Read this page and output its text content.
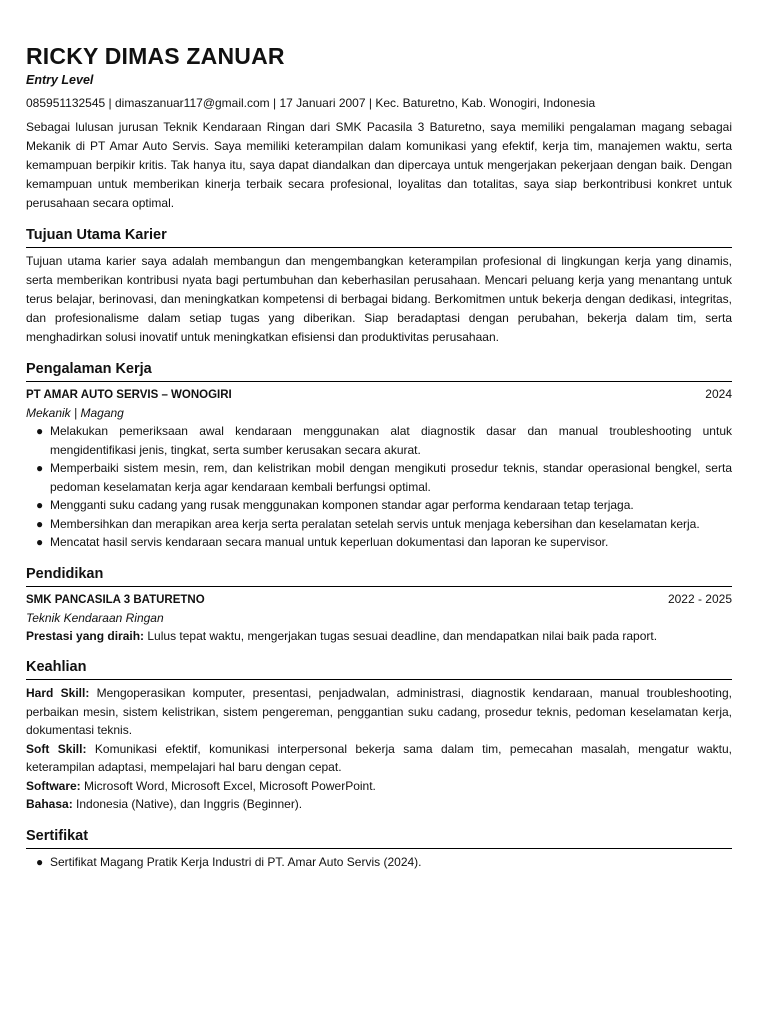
RICKY DIMAS ZANUAR
Entry Level
085951132545 | dimaszanuar117@gmail.com | 17 Januari 2007 | Kec. Baturetno, Kab. Wonogiri, Indonesia
Sebagai lulusan jurusan Teknik Kendaraan Ringan dari SMK Pacasila 3 Baturetno, saya memiliki pengalaman magang sebagai Mekanik di PT Amar Auto Servis. Saya memiliki keterampilan dalam komunikasi yang efektif, kerja tim, manajemen waktu, serta kemampuan berpikir kritis. Tak hanya itu, saya dapat diandalkan dan dipercaya untuk mengerjakan pekerjaan dengan baik. Dengan kemampuan untuk memberikan kinerja terbaik secara profesional, loyalitas dan totalitas, saya siap berkontribusi konkret untuk perusahaan secara optimal.
Tujuan Utama Karier
Tujuan utama karier saya adalah membangun dan mengembangkan keterampilan profesional di lingkungan kerja yang dinamis, serta memberikan kontribusi nyata bagi pertumbuhan dan keberhasilan perusahaan. Mencari peluang kerja yang menantang untuk terus belajar, berinovasi, dan meningkatkan kompetensi di berbagai bidang. Berkomitmen untuk bekerja dengan dedikasi, integritas, dan profesionalisme dalam setiap tugas yang diberikan. Siap beradaptasi dengan perubahan, bekerja dalam tim, serta menghadirkan solusi inovatif untuk meningkatkan efisiensi dan produktivitas perusahaan.
Pengalaman Kerja
PT AMAR AUTO SERVIS – WONOGIRI	2024
Mekanik | Magang
● Melakukan pemeriksaan awal kendaraan menggunakan alat diagnostik dasar dan manual troubleshooting untuk mengidentifikasi jenis, tingkat, serta sumber kerusakan secara akurat.
● Memperbaiki sistem mesin, rem, dan kelistrikan mobil dengan mengikuti prosedur teknis, standar operasional bengkel, serta pedoman keselamatan kerja agar kendaraan kembali berfungsi optimal.
● Mengganti suku cadang yang rusak menggunakan komponen standar agar performa kendaraan tetap terjaga.
● Membersihkan dan merapikan area kerja serta peralatan setelah servis untuk menjaga kebersihan dan keselamatan kerja.
● Mencatat hasil servis kendaraan secara manual untuk keperluan dokumentasi dan laporan ke supervisor.
Pendidikan
SMK PANCASILA 3 BATURETNO	2022 - 2025
Teknik Kendaraan Ringan
Prestasi yang diraih: Lulus tepat waktu, mengerjakan tugas sesuai deadline, dan mendapatkan nilai baik pada raport.
Keahlian
Hard Skill: Mengoperasikan komputer, presentasi, penjadwalan, administrasi, diagnostik kendaraan, manual troubleshooting, perbaikan mesin, sistem kelistrikan, sistem pengereman, penggantian suku cadang, prosedur teknis, pedoman keselamatan kerja, dokumentasi teknis.
Soft Skill: Komunikasi efektif, komunikasi interpersonal bekerja sama dalam tim, pemecahan masalah, mengatur waktu, keterampilan adaptasi, mempelajari hal baru dengan cepat.
Software: Microsoft Word, Microsoft Excel, Microsoft PowerPoint.
Bahasa: Indonesia (Native), dan Inggris (Beginner).
Sertifikat
● Sertifikat Magang Pratik Kerja Industri di PT. Amar Auto Servis (2024).
